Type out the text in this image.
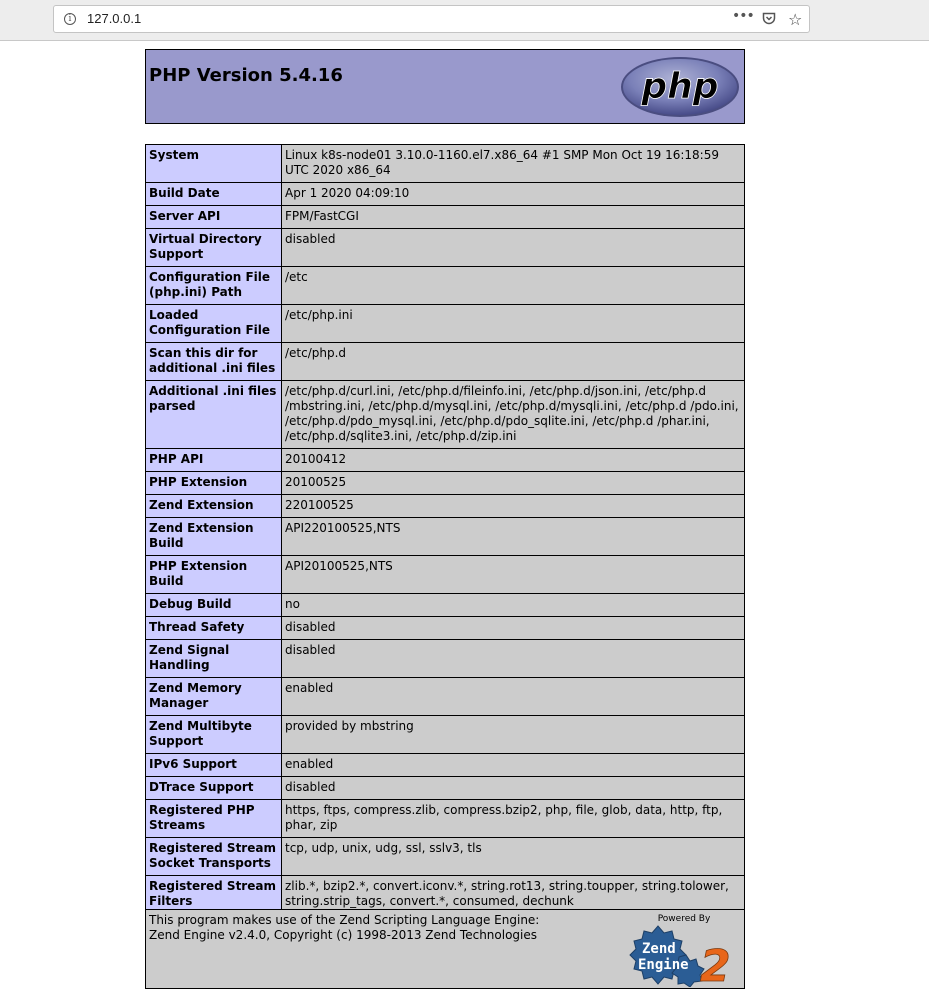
i	127.0.0.1	••• ☆
PHP Version 5.4.16	php
System	Linux k8s-node01 3.10.0-1160.el7.x86_64 #1 SMP Mon Oct 19 16:18:59 UTC 2020 x86_64
Build Date	Apr 1 2020 04:09:10
Server API	FPM/FastCGI
Virtual Directory Support	disabled
Configuration File (php.ini) Path	/etc
Loaded Configuration File	/etc/php.ini
Scan this dir for additional .ini files	/etc/php.d
Additional .ini files parsed	/etc/php.d/curl.ini, /etc/php.d/fileinfo.ini, /etc/php.d/json.ini, /etc/php.d /mbstring.ini, /etc/php.d/mysql.ini, /etc/php.d/mysqli.ini, /etc/php.d /pdo.ini, /etc/php.d/pdo_mysql.ini, /etc/php.d/pdo_sqlite.ini, /etc/php.d /phar.ini, /etc/php.d/sqlite3.ini, /etc/php.d/zip.ini
PHP API	20100412
PHP Extension	20100525
Zend Extension	220100525
Zend Extension Build	API220100525,NTS
PHP Extension Build	API20100525,NTS
Debug Build	no
Thread Safety	disabled
Zend Signal Handling	disabled
Zend Memory Manager	enabled
Zend Multibyte Support	provided by mbstring
IPv6 Support	enabled
DTrace Support	disabled
Registered PHP Streams	https, ftps, compress.zlib, compress.bzip2, php, file, glob, data, http, ftp, phar, zip
Registered Stream Socket Transports	tcp, udp, unix, udg, ssl, sslv3, tls
Registered Stream Filters	zlib.*, bzip2.*, convert.iconv.*, string.rot13, string.toupper, string.tolower, string.strip_tags, convert.*, consumed, dechunk
This program makes use of the Zend Scripting Language Engine:
Zend Engine v2.4.0, Copyright (c) 1998-2013 Zend Technologies
Powered By
Zend
Engine 2
